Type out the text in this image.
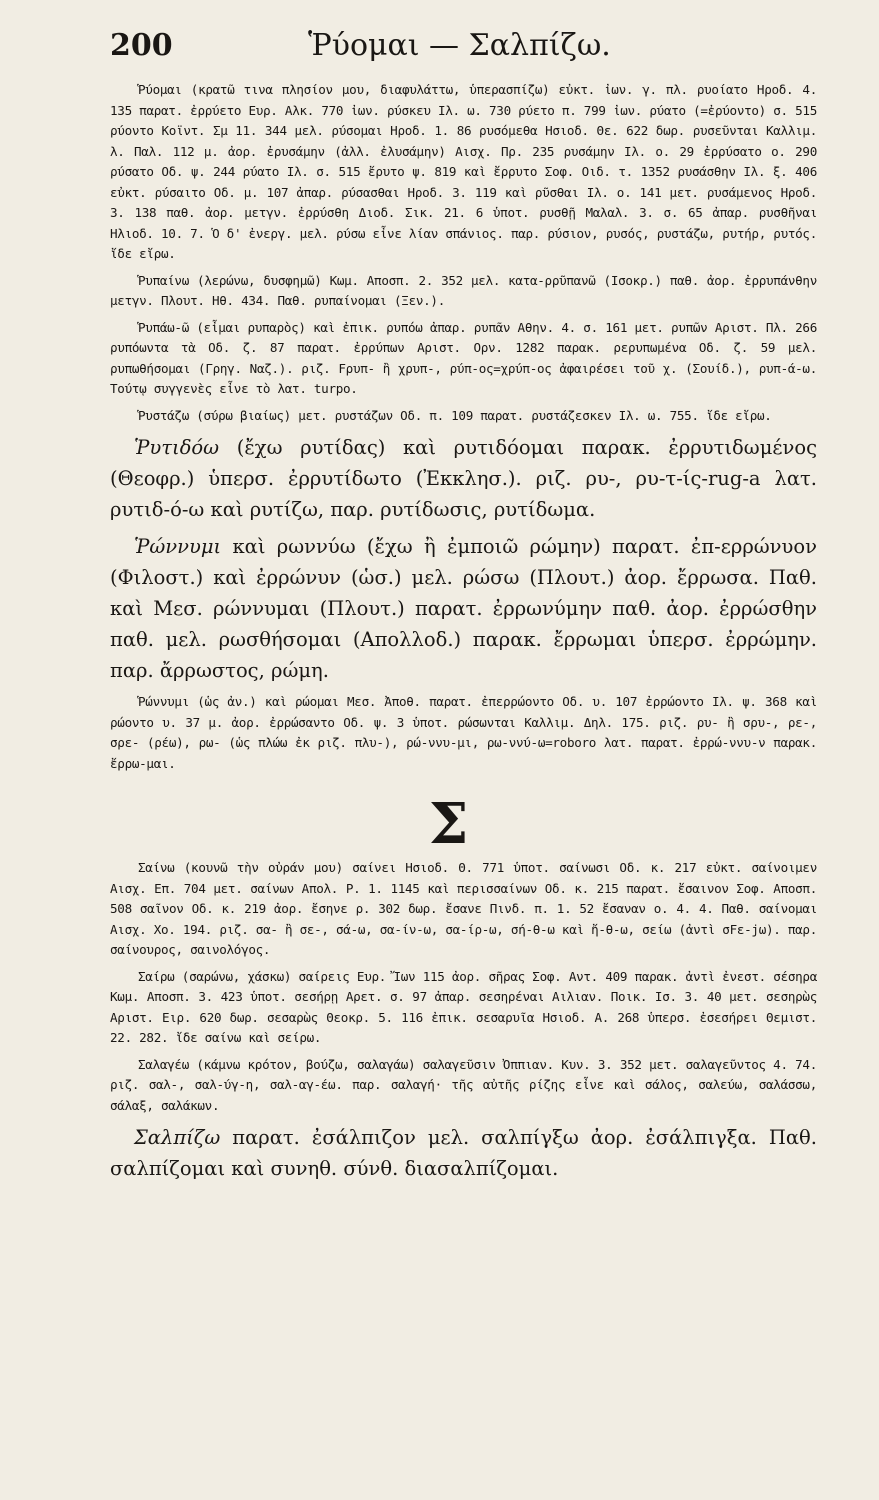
200	Ῥύομαι — Σαλπίζω.

Ῥύομαι (κρατῶ τινα πλησίον μου, διαφυλάττω, ὑπερασπίζω) εὐκτ. ἰων. γ. πλ. ρυοίατο Ηροδ. 4. 135 παρατ. ἐρρύετο Ευρ. Αλκ. 770 ἰων. ρύσκευ Ιλ. ω. 730 ρύετο π. 799 ἰων. ρύατο (=ἐρύοντο) σ. 515 ρύοντο Κοϊντ. Σμ 11. 344 μελ. ρύσομαι Ηροδ. 1. 86 ρυσόμεθα Ησιοδ. Θε. 622 δωρ. ρυσεῦνται Καλλιμ. λ. Παλ. 112 μ. ἀορ. ἐρυσάμην (ἀλλ. ἐλυσάμην) Αισχ. Πρ. 235 ρυσάμην Ιλ. ο. 29 ἐρρύσατο ο. 290 ρύσατο Οδ. ψ. 244 ρύατο Ιλ. σ. 515 ἔρυτο ψ. 819 καὶ ἔρρυτο Σοφ. Οιδ. τ. 1352 ρυσάσθην Ιλ. ξ. 406 εὐκτ. ρύσαιτο Οδ. μ. 107 ἀπαρ. ρύσασθαι Ηροδ. 3. 119 καὶ ρῦσθαι Ιλ. ο. 141 μετ. ρυσάμενος Ηροδ. 3. 138 παθ. ἀορ. μετγν. ἐρρύσθη Διοδ. Σικ. 21. 6 ὑποτ. ρυσθῇ Μαλαλ. 3. σ. 65 ἀπαρ. ρυσθῆναι Ηλιοδ. 10. 7. Ὁ δ' ἐνεργ. μελ. ρύσω εἶνε λίαν σπάνιος. παρ. ρύσιον, ρυσός, ρυστάζω, ρυτήρ, ρυτός. ἴδε εἴρω.

Ῥυπαίνω (λερώνω, δυσφημῶ) Κωμ. Αποσπ. 2. 352 μελ. κατα-ρρῦπανῶ (Ισοκρ.) παθ. ἀορ. ἐρρυπάνθην μετγν. Πλουτ. Ηθ. 434. Παθ. ρυπαίνομαι (Ξεν.).

Ῥυπάω-ῶ (εἶμαι ρυπαρὸς) καὶ ἐπικ. ρυπόω ἀπαρ. ρυπᾶν Αθην. 4. σ. 161 μετ. ρυπῶν Αριστ. Πλ. 266 ρυπόωντα τὰ Οδ. ζ. 87 παρατ. ἐρρύπων Αριστ. Ορν. 1282 παρακ. ρερυπωμένα Οδ. ζ. 59 μελ. ρυπωθήσομαι (Γρηγ. Ναζ.). ριζ. Ϝρυπ- ἢ χρυπ-, ρύπ-ος=χρύπ-ος ἀφαιρέσει τοῦ χ. (Σουίδ.), ρυπ-ά-ω. Τούτῳ συγγενὲς εἶνε τὸ λατ. turpo.

Ῥυστάζω (σύρω βιαίως) μετ. ρυστάζων Οδ. π. 109 παρατ. ρυστάζεσκεν Ιλ. ω. 755. ἴδε εἴρω.

Ῥυτιδόω (ἔχω ρυτίδας) καὶ ρυτιδόομαι παρακ. ἐρρυτιδωμένος (Θεοφρ.) ὑπερσ. ἐρρυτίδωτο (Ἐκκλησ.). ριζ. ρυ-, ρυ-τ-ίς-rug-a λατ. ρυτιδ-ό-ω καὶ ρυτίζω, παρ. ρυτίδωσις, ρυτίδωμα.

Ῥώννυμι καὶ ρωννύω (ἔχω ἢ ἐμποιῶ ρώμην) παρατ. ἐπ-ερρώνυον (Φιλοστ.) καὶ ἐρρώνυν (ὡσ.) μελ. ρώσω (Πλουτ.) ἀορ. ἔρρωσα. Παθ. καὶ Μεσ. ρώννυμαι (Πλουτ.) παρατ. ἐρρωνύμην παθ. ἀορ. ἐρρώσθην παθ. μελ. ρωσθήσομαι (Απολλοδ.) παρακ. ἔρρωμαι ὑπερσ. ἐρρώμην. παρ. ἄρρωστος, ρώμη.

Ῥώννυμι (ὡς ἀν.) καὶ ρώομαι Μεσ. Ἀποθ. παρατ. ἐπερρώοντο Οδ. υ. 107 ἐρρώοντο Ιλ. ψ. 368 καὶ ρώοντο υ. 37 μ. ἀορ. ἐρρώσαντο Οδ. ψ. 3 ὑποτ. ρώσωνται Καλλιμ. Δηλ. 175. ριζ. ρυ- ἢ σρυ-, ρε-, σρε- (ρέω), ρω- (ὡς πλώω ἐκ ριζ. πλυ-), ρώ-ννυ-μι, ρω-ννύ-ω=roboro λατ. παρατ. ἐρρώ-ννυ-ν παρακ. ἔρρω-μαι.

Σ

Σαίνω (κουνῶ τὴν οὐράν μου) σαίνει Ησιοδ. Θ. 771 ὑποτ. σαίνωσι Οδ. κ. 217 εὐκτ. σαίνοιμεν Αισχ. Επ. 704 μετ. σαίνων Απολ. Ρ. 1. 1145 καὶ περισσαίνων Οδ. κ. 215 παρατ. ἔσαινον Σοφ. Αποσπ. 508 σαῖνον Οδ. κ. 219 ἀορ. ἔσηνε ρ. 302 δωρ. ἔσανε Πινδ. π. 1. 52 ἔσαναν ο. 4. 4. Παθ. σαίνομαι Αισχ. Χο. 194. ριζ. σα- ἢ σε-, σά-ω, σα-ίν-ω, σα-ίρ-ω, σή-θ-ω καὶ ἤ-θ-ω, σείω (ἀντὶ σϜε-jω). παρ. σαίνουρος, σαινολόγος.

Σαίρω (σαρώνω, χάσκω) σαίρεις Ευρ. Ἴων 115 ἀορ. σῆρας Σοφ. Αντ. 409 παρακ. ἀντὶ ἐνεστ. σέσηρα Κωμ. Αποσπ. 3. 423 ὑποτ. σεσήρῃ Αρετ. σ. 97 ἀπαρ. σεσηρέναι Αιλιαν. Ποικ. Ισ. 3. 40 μετ. σεσηρὼς Αριστ. Ειρ. 620 δωρ. σεσαρὼς Θεοκρ. 5. 116 ἐπικ. σεσαρυῖα Ησιοδ. Α. 268 ὑπερσ. ἐσεσήρει Θεμιστ. 22. 282. ἴδε σαίνω καὶ σείρω.

Σαλαγέω (κάμνω κρότον, βούζω, σαλαγάω) σαλαγεῦσιν Ὀππιαν. Κυν. 3. 352 μετ. σαλαγεῦντος 4. 74. ριζ. σαλ-, σαλ-ύγ-η, σαλ-αγ-έω. παρ. σαλαγή· τῆς αὐτῆς ρίζης εἶνε καὶ σάλος, σαλεύω, σαλάσσω, σάλαξ, σαλάκων.

Σαλπίζω παρατ. ἐσάλπιζον μελ. σαλπίγξω ἀορ. ἐσάλπιγξα. Παθ. σαλπίζομαι καὶ συνηθ. σύνθ. διασαλπίζομαι.
